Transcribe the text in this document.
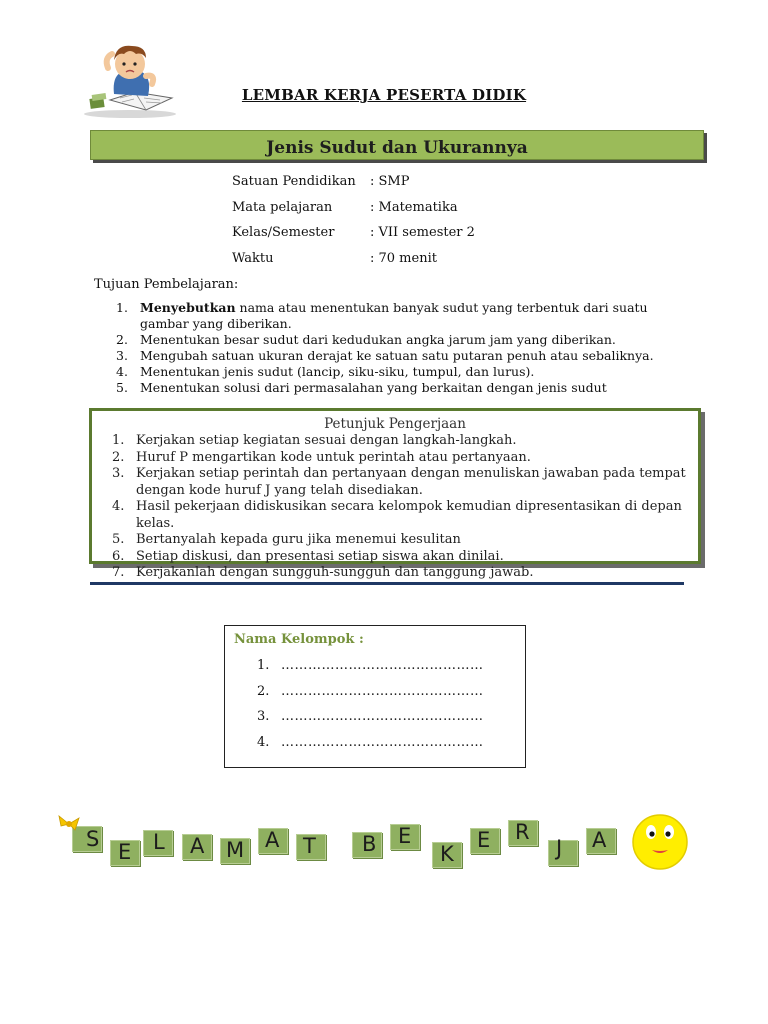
LEMBAR KERJA PESERTA DIDIK
Jenis Sudut dan Ukurannya
Satuan Pendidikan : SMP
Mata pelajaran	: Matematika
Kelas/Semester	: VII semester 2
Waktu	: 70 menit
Tujuan Pembelajaran:
1. Menyebutkan nama atau menentukan banyak sudut yang terbentuk dari suatu gambar yang diberikan.
2. Menentukan besar sudut dari kedudukan angka jarum jam yang diberikan.
3. Mengubah satuan ukuran derajat ke satuan satu putaran penuh atau sebaliknya.
4. Menentukan jenis sudut (lancip, siku-siku, tumpul, dan lurus).
5. Menentukan solusi dari permasalahan yang berkaitan dengan jenis sudut
Petunjuk Pengerjaan
1. Kerjakan setiap kegiatan sesuai dengan langkah-langkah.
2. Huruf P mengartikan kode untuk perintah atau pertanyaan.
3. Kerjakan setiap perintah dan pertanyaan dengan menuliskan jawaban pada tempat dengan kode huruf J yang telah disediakan.
4. Hasil pekerjaan didiskusikan secara kelompok kemudian dipresentasikan di depan kelas.
5. Bertanyalah kepada guru jika menemui kesulitan
6. Setiap diskusi, dan presentasi setiap siswa akan dinilai.
7. Kerjakanlah dengan sungguh-sungguh dan tanggung jawab.
Nama Kelompok :
1. ………………………………………
2. ………………………………………
3. ………………………………………
4. ………………………………………
S
E L A M A T B E
K
E R
J A
